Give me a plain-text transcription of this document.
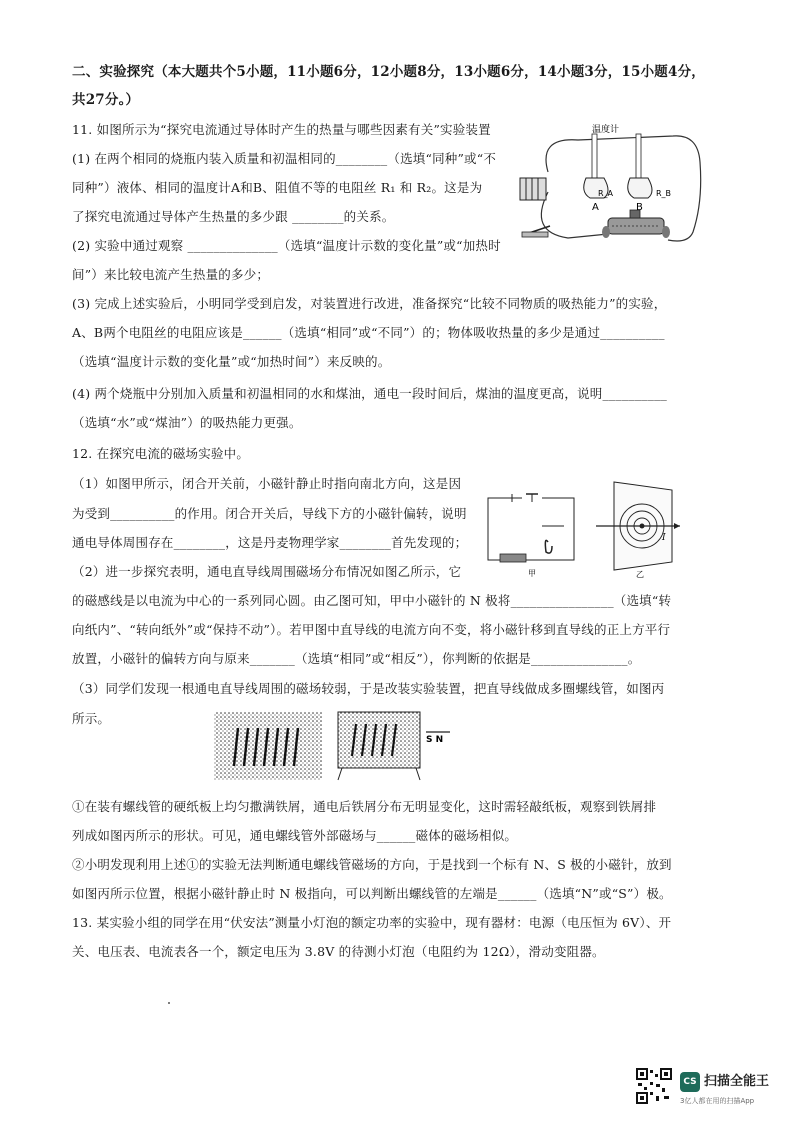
二、实验探究（本大题共个5小题，11小题6分，12小题8分，13小题6分，14小题3分，15小题4分，
共27分。）
11. 如图所示为“探究电流通过导体时产生的热量与哪些因素有关”实验装置
(1) 在两个相同的烧瓶内装入质量和初温相同的________（选填“同种”或“不
同种”）液体、相同的温度计A和B、阻值不等的电阻丝 R₁ 和 R₂。这是为
了探究电流通过导体产生热量的多少跟 ________的关系。
(2) 实验中通过观察 ______________（选填“温度计示数的变化量”或“加热时
间”）来比较电流产生热量的多少；
(3) 完成上述实验后，小明同学受到启发，对装置进行改进，准备探究“比较不同物质的吸热能力”的实验，
A、B两个电阻丝的电阻应该是______（选填“相同”或“不同”）的；物体吸收热量的多少是通过__________
（选填“温度计示数的变化量”或“加热时间”）来反映的。
(4) 两个烧瓶中分别加入质量和初温相同的水和煤油，通电一段时间后，煤油的温度更高，说明__________
（选填“水”或“煤油”）的吸热能力更强。
温度计
R_A	R_B
A	B
12. 在探究电流的磁场实验中。
（1）如图甲所示，闭合开关前，小磁针静止时指向南北方向，这是因
为受到__________的作用。闭合开关后，导线下方的小磁针偏转，说明
通电导体周围存在________，这是丹麦物理学家________首先发现的；
（2）进一步探究表明，通电直导线周围磁场分布情况如图乙所示，它
的磁感线是以电流为中心的一系列同心圆。由乙图可知，甲中小磁针的 N 极将________________（选填“转
向纸内”、“转向纸外”或“保持不动”）。若甲图中直导线的电流方向不变，将小磁针移到直导线的正上方平行
放置，小磁针的偏转方向与原来_______（选填“相同”或“相反”），你判断的依据是_______________。
（3）同学们发现一根通电直导线周围的磁场较弱，于是改装实验装置，把直导线做成多圈螺线管，如图丙
所示。
甲
I
乙
S N
①在装有螺线管的硬纸板上均匀撒满铁屑，通电后铁屑分布无明显变化，这时需轻敲纸板，观察到铁屑排
列成如图丙所示的形状。可见，通电螺线管外部磁场与______磁体的磁场相似。
②小明发现利用上述①的实验无法判断通电螺线管磁场的方向，于是找到一个标有 N、S 极的小磁针，放到
如图丙所示位置，根据小磁针静止时 N 极指向，可以判断出螺线管的左端是______（选填“N”或“S”）极。
13. 某实验小组的同学在用“伏安法”测量小灯泡的额定功率的实验中，现有器材：电源（电压恒为 6V）、开
关、电压表、电流表各一个，额定电压为 3.8V 的待测小灯泡（电阻约为 12Ω），滑动变阻器。
CS 扫描全能王
3亿人都在用的扫描App
